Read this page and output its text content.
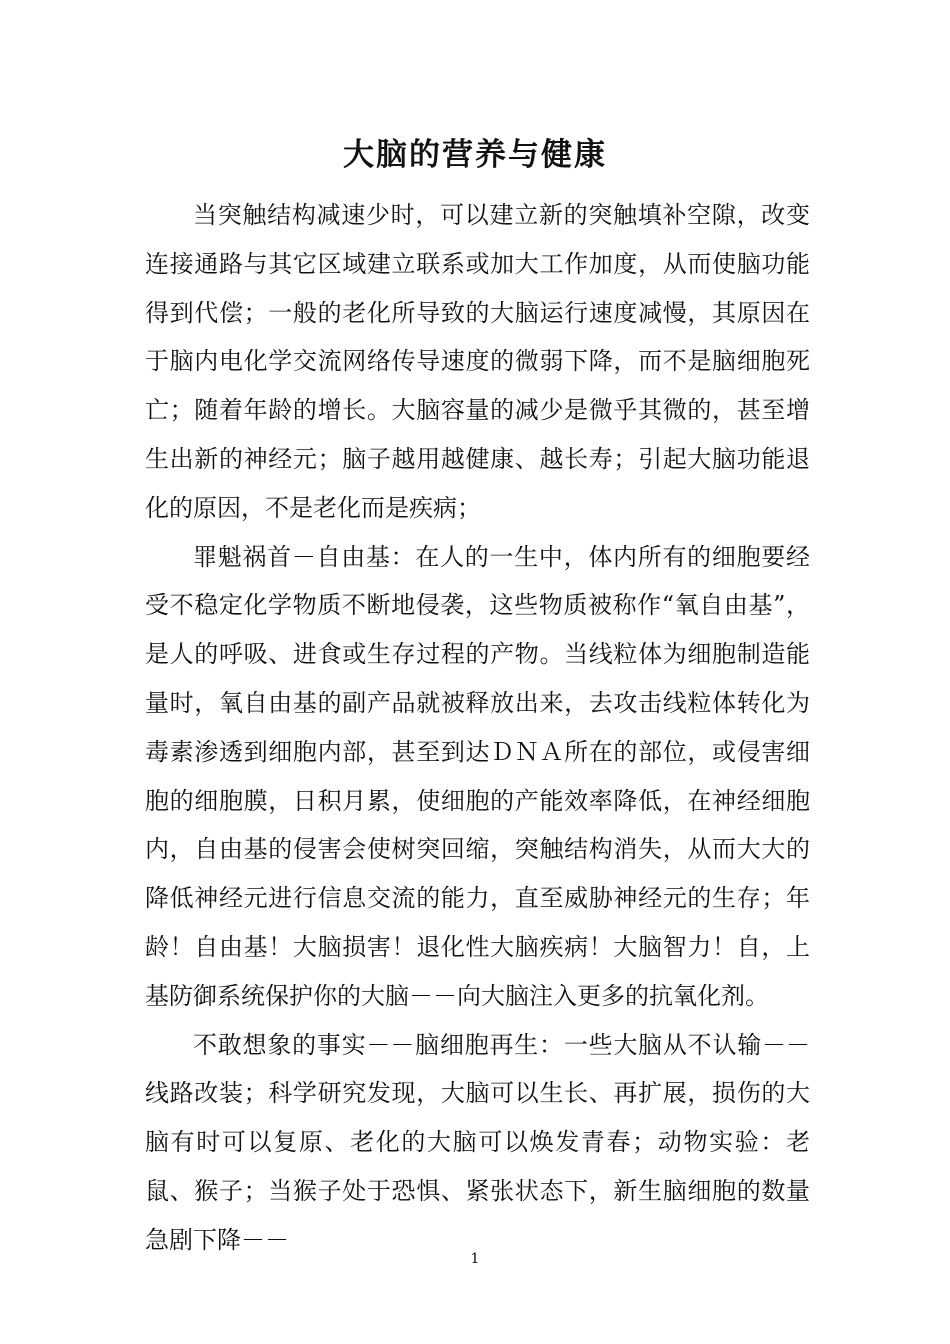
大脑的营养与健康

当突触结构减速少时，可以建立新的突触填补空隙，改变连接通路与其它区域建立联系或加大工作加度，从而使脑功能得到代偿；一般的老化所导致的大脑运行速度减慢，其原因在于脑内电化学交流网络传导速度的微弱下降，而不是脑细胞死亡；随着年龄的增长。大脑容量的减少是微乎其微的，甚至增生出新的神经元；脑子越用越健康、越长寿；引起大脑功能退化的原因，不是老化而是疾病；

罪魁祸首－自由基：在人的一生中，体内所有的细胞要经受不稳定化学物质不断地侵袭，这些物质被称作“氧自由基”，是人的呼吸、进食或生存过程的产物。当线粒体为细胞制造能量时，氧自由基的副产品就被释放出来，去攻击线粒体转化为毒素渗透到细胞内部，甚至到达ＤＮＡ所在的部位，或侵害细胞的细胞膜，日积月累，使细胞的产能效率降低，在神经细胞内，自由基的侵害会使树突回缩，突触结构消失，从而大大的降低神经元进行信息交流的能力，直至威胁神经元的生存；年龄！自由基！大脑损害！退化性大脑疾病！大脑智力！自，上基防御系统保护你的大脑－－向大脑注入更多的抗氧化剂。

不敢想象的事实－－脑细胞再生：一些大脑从不认输－－线路改装；科学研究发现，大脑可以生长、再扩展，损伤的大脑有时可以复原、老化的大脑可以焕发青春；动物实验：老鼠、猴子；当猴子处于恐惧、紧张状态下，新生脑细胞的数量急剧下降－－

1
